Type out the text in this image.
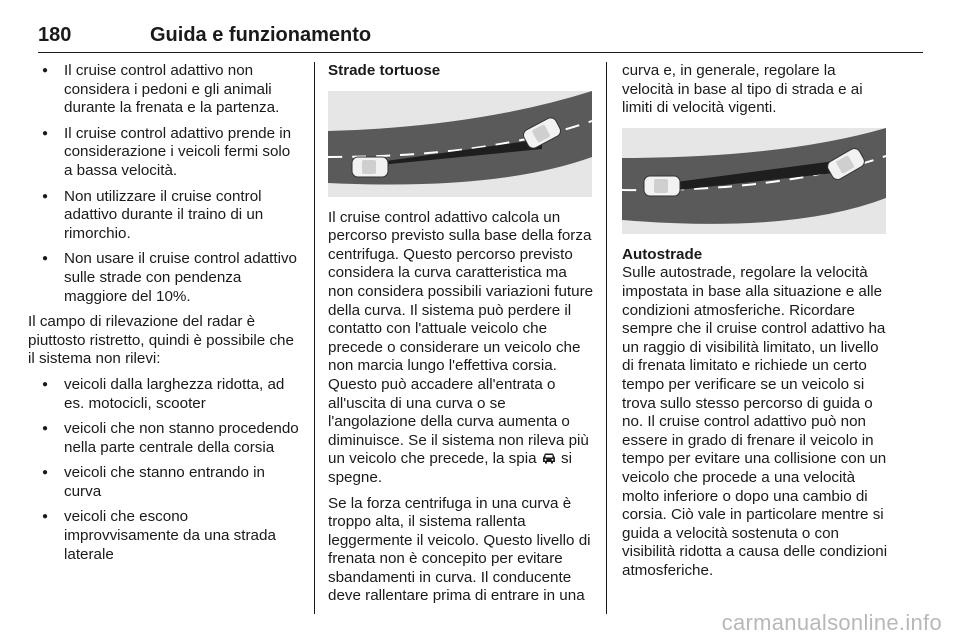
180	Guida e funzionamento
● Il cruise control adattivo non considera i pedoni e gli animali durante la frenata e la partenza.
● Il cruise control adattivo prende in considerazione i veicoli fermi solo a bassa velocità.
● Non utilizzare il cruise control adattivo durante il traino di un rimorchio.
● Non usare il cruise control adattivo sulle strade con pendenza maggiore del 10%.

Il campo di rilevazione del radar è piuttosto ristretto, quindi è possibile che il sistema non rilevi:

● veicoli dalla larghezza ridotta, ad es. motocicli, scooter
● veicoli che non stanno procedendo nella parte centrale della corsia
● veicoli che stanno entrando in curva
● veicoli che escono improvvisamente da una strada laterale

Strade tortuose

Il cruise control adattivo calcola un percorso previsto sulla base della forza centrifuga. Questo percorso previsto considera la curva caratteristica ma non considera possibili variazioni future della curva. Il sistema può perdere il contatto con l'attuale veicolo che precede o considerare un veicolo che non marcia lungo l'effettiva corsia. Questo può accadere all'entrata o all'uscita di una curva o se l'angolazione della curva aumenta o diminuisce. Se il sistema non rileva più un veicolo che precede, la spia si spegne.

Se la forza centrifuga in una curva è troppo alta, il sistema rallenta leggermente il veicolo. Questo livello di frenata non è concepito per evitare sbandamenti in curva. Il conducente deve rallentare prima di entrare in una

curva e, in generale, regolare la velocità in base al tipo di strada e ai limiti di velocità vigenti.

Autostrade

Sulle autostrade, regolare la velocità impostata in base alla situazione e alle condizioni atmosferiche. Ricordare sempre che il cruise control adattivo ha un raggio di visibilità limitato, un livello di frenata limitato e richiede un certo tempo per verificare se un veicolo si trova sullo stesso percorso di guida o no. Il cruise control adattivo può non essere in grado di frenare il veicolo in tempo per evitare una collisione con un veicolo che procede a una velocità molto inferiore o dopo una cambio di corsia. Ciò vale in particolare mentre si guida a velocità sostenuta o con visibilità ridotta a causa delle condizioni atmosferiche.

carmanualsonline.info
